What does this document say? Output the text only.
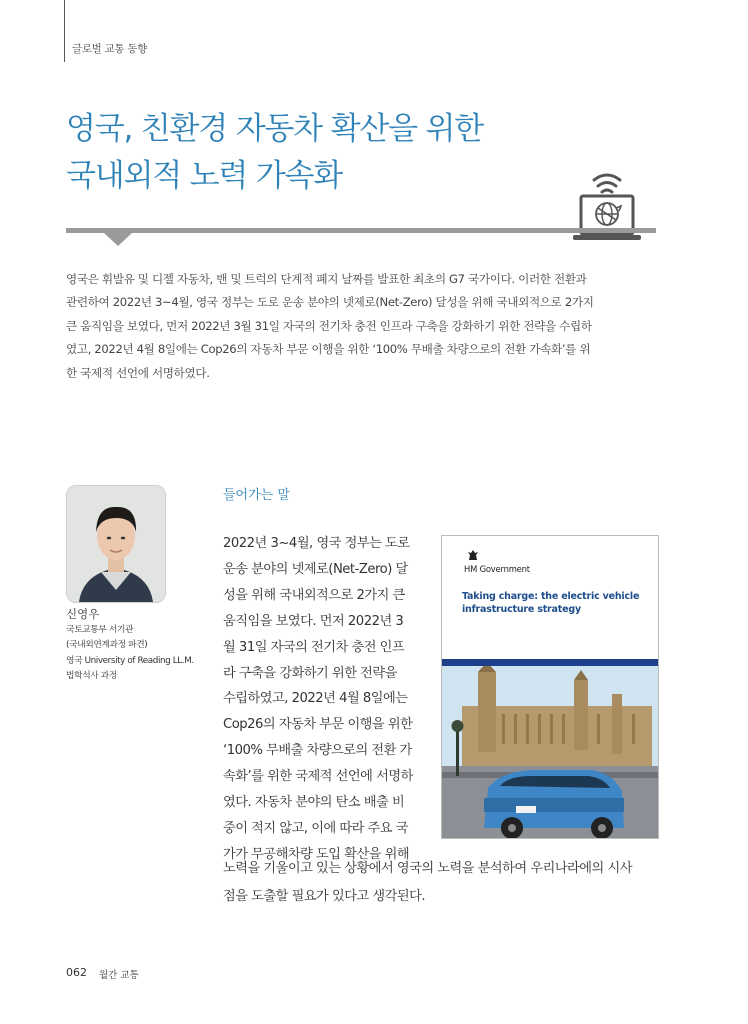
글로벌 교통 동향
영국, 친환경 자동차 확산을 위한
국내외적 노력 가속화
영국은 휘발유 및 디젤 자동차, 밴 및 트럭의 단계적 폐지 날짜를 발표한 최초의 G7 국가이다. 이러한 전환과
관련하여 2022년 3~4월, 영국 정부는 도로 운송 분야의 넷제로(Net-Zero) 달성을 위해 국내외적으로 2가지
큰 움직임을 보였다, 먼저 2022년 3월 31일 자국의 전기차 충전 인프라 구축을 강화하기 위한 전략을 수립하
였고, 2022년 4월 8일에는 Cop26의 자동차 부문 이행을 위한 ‘100% 무배출 차량으로의 전환 가속화’를 위
한 국제적 선언에 서명하였다.
신영우
국토교통부 서기관
(국내외연계과정 파견)
영국 University of Reading LL.M.
법학석사 과정
들어가는 말
2022년 3~4월, 영국 정부는 도로
운송 분야의 넷제로(Net-Zero) 달
성을 위해 국내외적으로 2가지 큰
움직임을 보였다. 먼저 2022년 3
월 31일 자국의 전기차 충전 인프
라 구축을 강화하기 위한 전략을
수립하였고, 2022년 4월 8일에는
Cop26의 자동차 부문 이행을 위한
‘100% 무배출 차량으로의 전환 가
속화’를 위한 국제적 선언에 서명하
였다. 자동차 분야의 탄소 배출 비
중이 적지 않고, 이에 따라 주요 국
가가 무공해차량 도입 확산을 위해
노력을 기울이고 있는 상황에서 영국의 노력을 분석하여 우리나라에의 시사
점을 도출할 필요가 있다고 생각된다.
HM Government
Taking charge: the electric vehicle infrastructure strategy
062 월간 교통
